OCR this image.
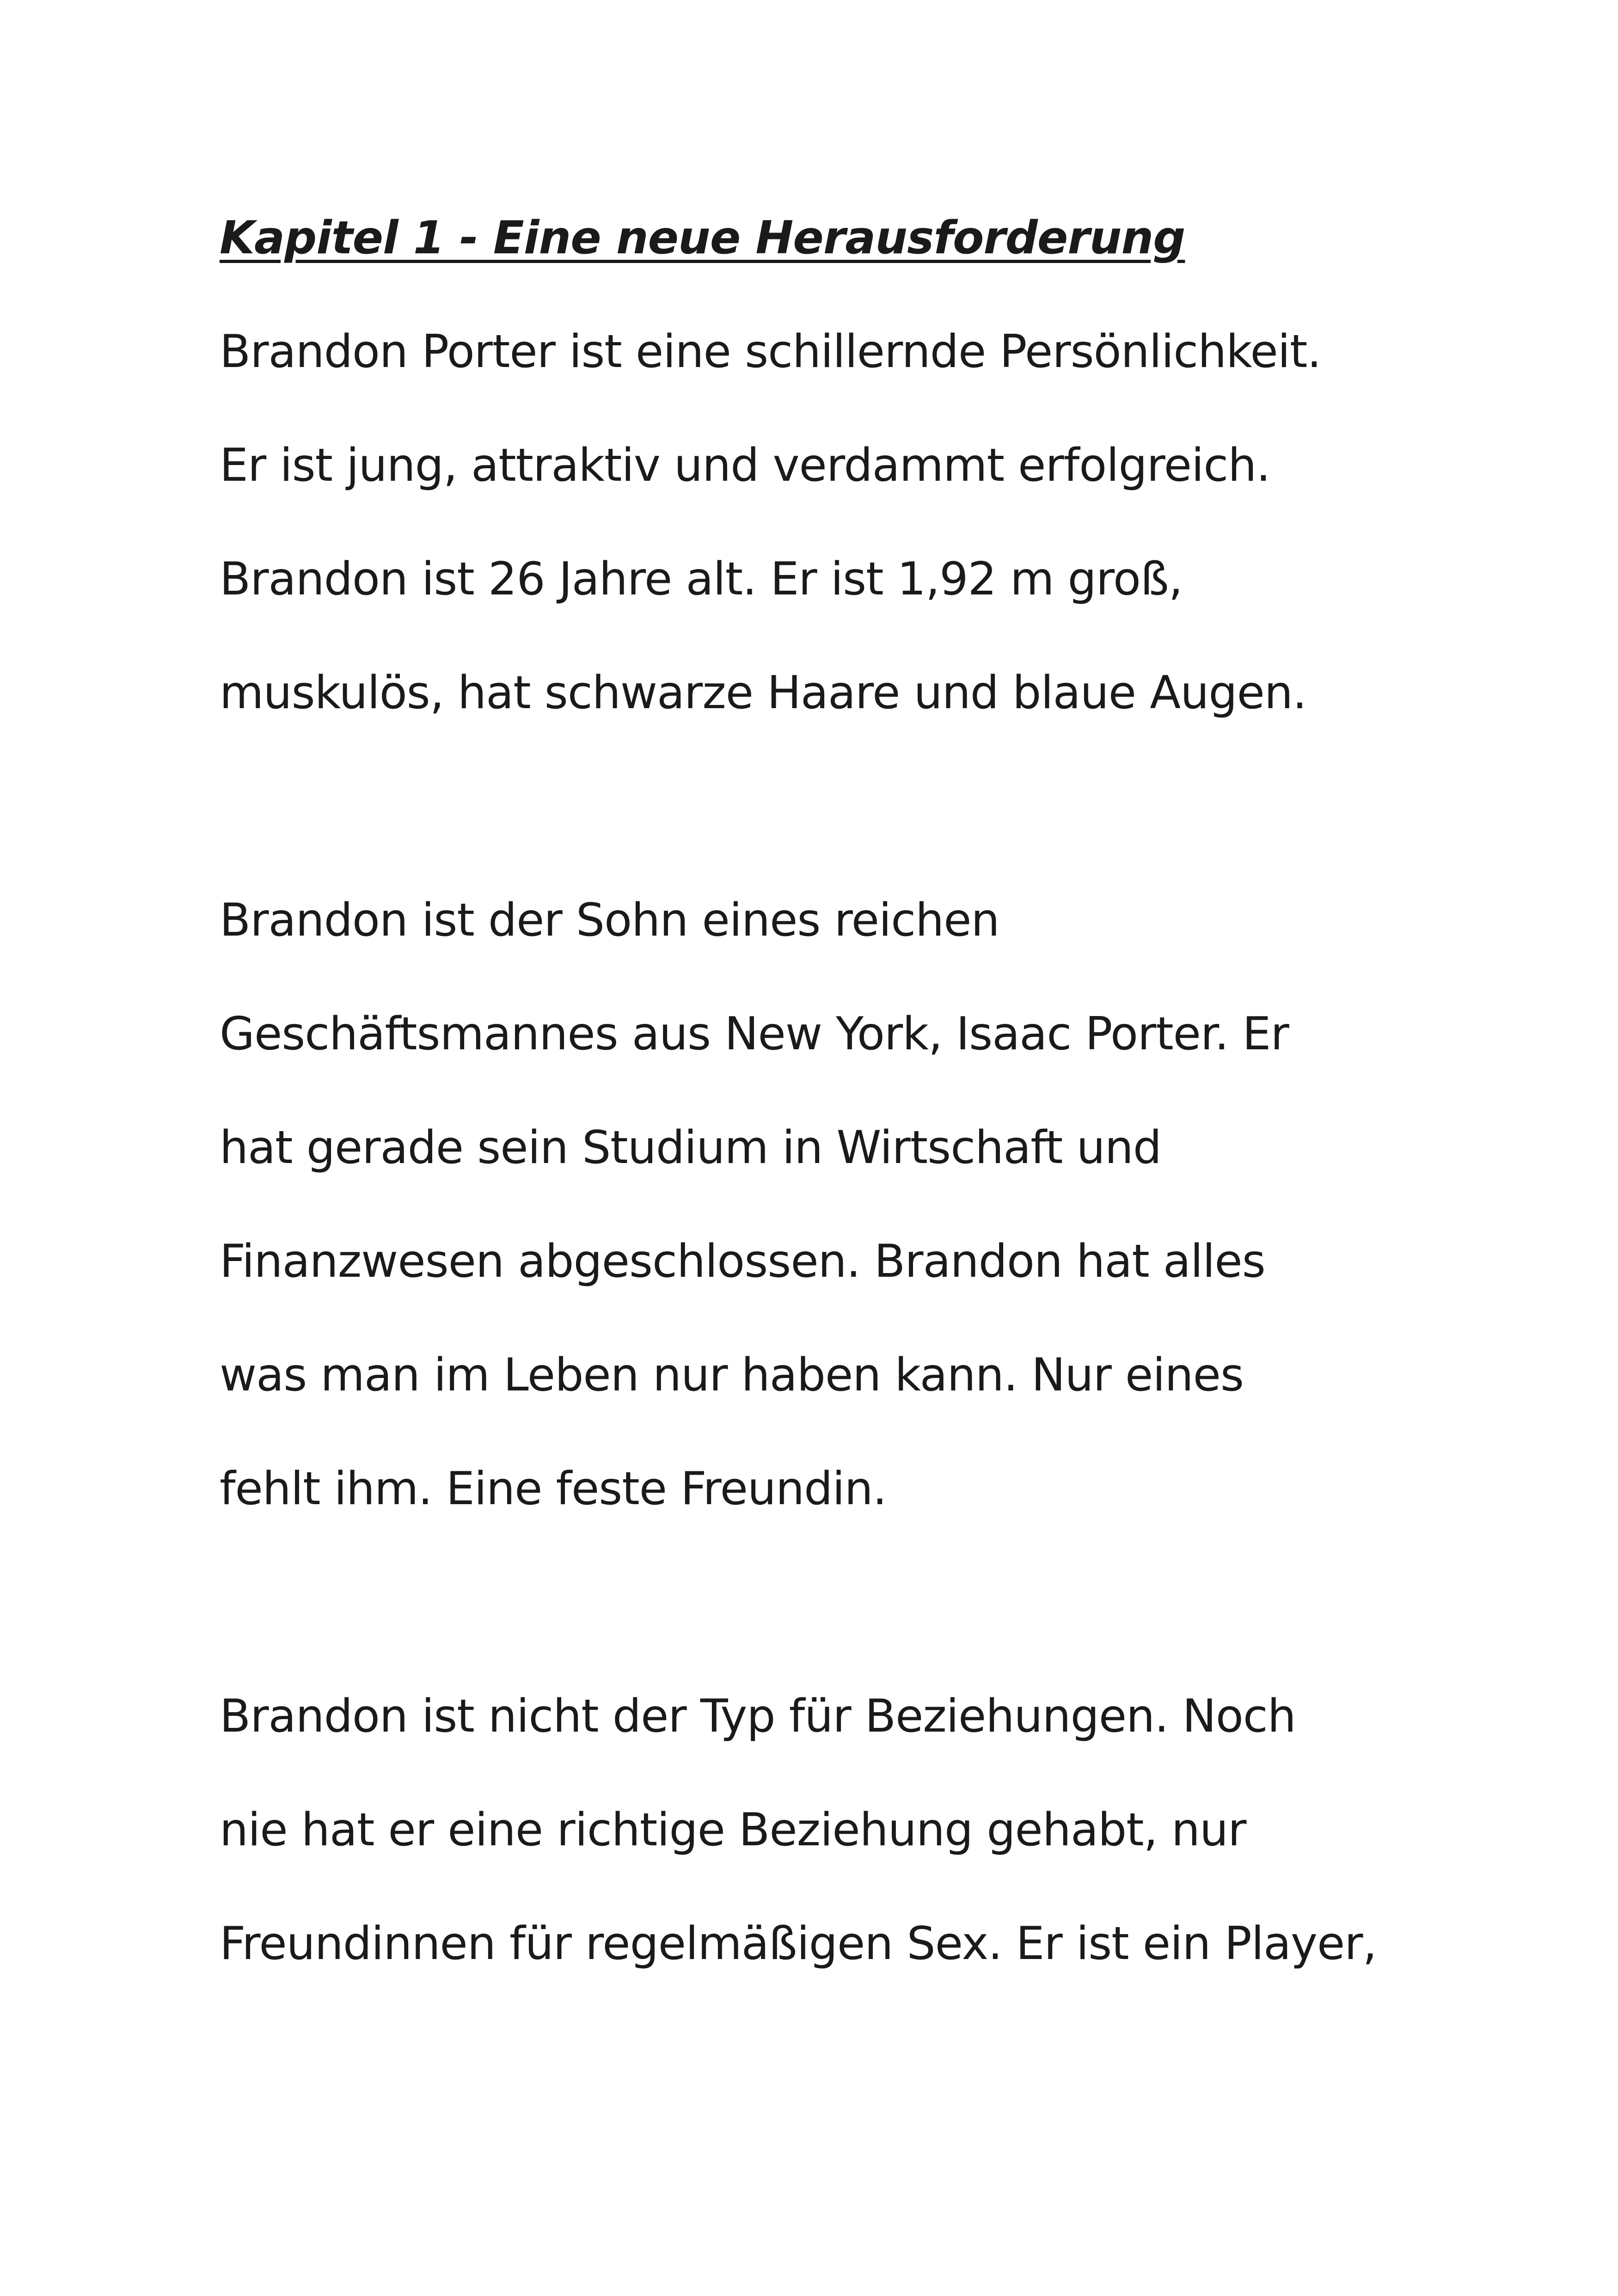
Kapitel 1 - Eine neue Herausforderung
Brandon Porter ist eine schillernde Persönlichkeit.
Er ist jung, attraktiv und verdammt erfolgreich.
Brandon ist 26 Jahre alt. Er ist 1,92 m groß,
muskulös, hat schwarze Haare und blaue Augen.
Brandon ist der Sohn eines reichen
Geschäftsmannes aus New York, Isaac Porter. Er
hat gerade sein Studium in Wirtschaft und
Finanzwesen abgeschlossen. Brandon hat alles
was man im Leben nur haben kann. Nur eines
fehlt ihm. Eine feste Freundin.
Brandon ist nicht der Typ für Beziehungen. Noch
nie hat er eine richtige Beziehung gehabt, nur
Freundinnen für regelmäßigen Sex. Er ist ein Player,
